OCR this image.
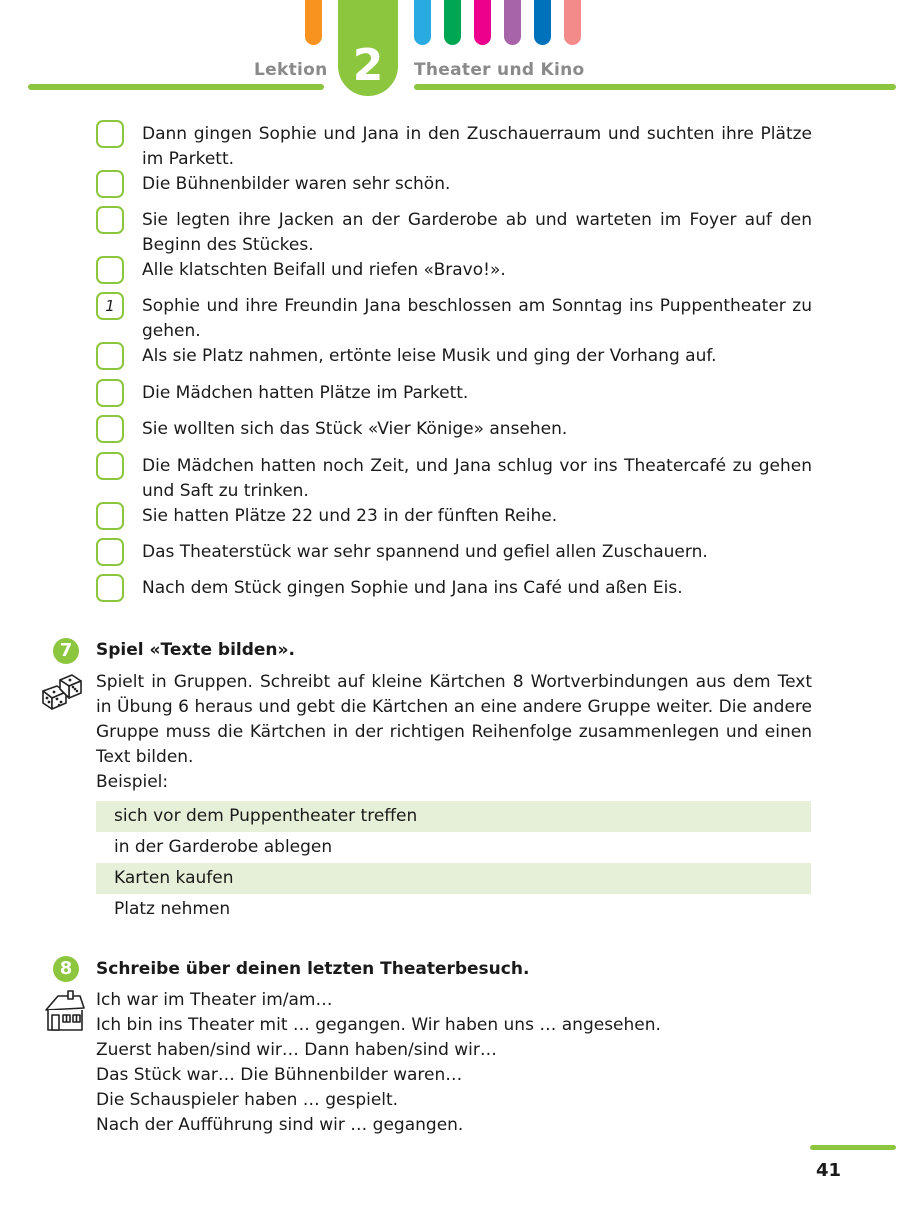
2
Lektion	Theater und Kino
Dann gingen Sophie und Jana in den Zuschauerraum und suchten ihre Plätze im Parkett.
Die Bühnenbilder waren sehr schön.
Sie legten ihre Jacken an der Garderobe ab und warteten im Foyer auf den Beginn des Stückes.
Alle klatschten Beifall und riefen «Bravo!».
1	Sophie und ihre Freundin Jana beschlossen am Sonntag ins Puppentheater zu gehen.
Als sie Platz nahmen, ertönte leise Musik und ging der Vorhang auf.
Die Mädchen hatten Plätze im Parkett.
Sie wollten sich das Stück «Vier Könige» ansehen.
Die Mädchen hatten noch Zeit, und Jana schlug vor ins Theatercafé zu gehen und Saft zu trinken.
Sie hatten Plätze 22 und 23 in der fünften Reihe.
Das Theaterstück war sehr spannend und gefiel allen Zuschauern.
Nach dem Stück gingen Sophie und Jana ins Café und aßen Eis.
7	Spiel «Texte bilden».
Spielt in Gruppen. Schreibt auf kleine Kärtchen 8 Wortverbindungen aus dem Text in Übung 6 heraus und gebt die Kärtchen an eine andere Gruppe weiter. Die andere Gruppe muss die Kärtchen in der richtigen Reihenfolge zusammenlegen und einen Text bilden.
Beispiel:
sich vor dem Puppentheater treffen
in der Garderobe ablegen
Karten kaufen
Platz nehmen
8	Schreibe über deinen letzten Theaterbesuch.
Ich war im Theater im/am…
Ich bin ins Theater mit … gegangen. Wir haben uns … angesehen.
Zuerst haben/sind wir… Dann haben/sind wir…
Das Stück war… Die Bühnenbilder waren…
Die Schauspieler haben … gespielt.
Nach der Aufführung sind wir … gegangen.
41
